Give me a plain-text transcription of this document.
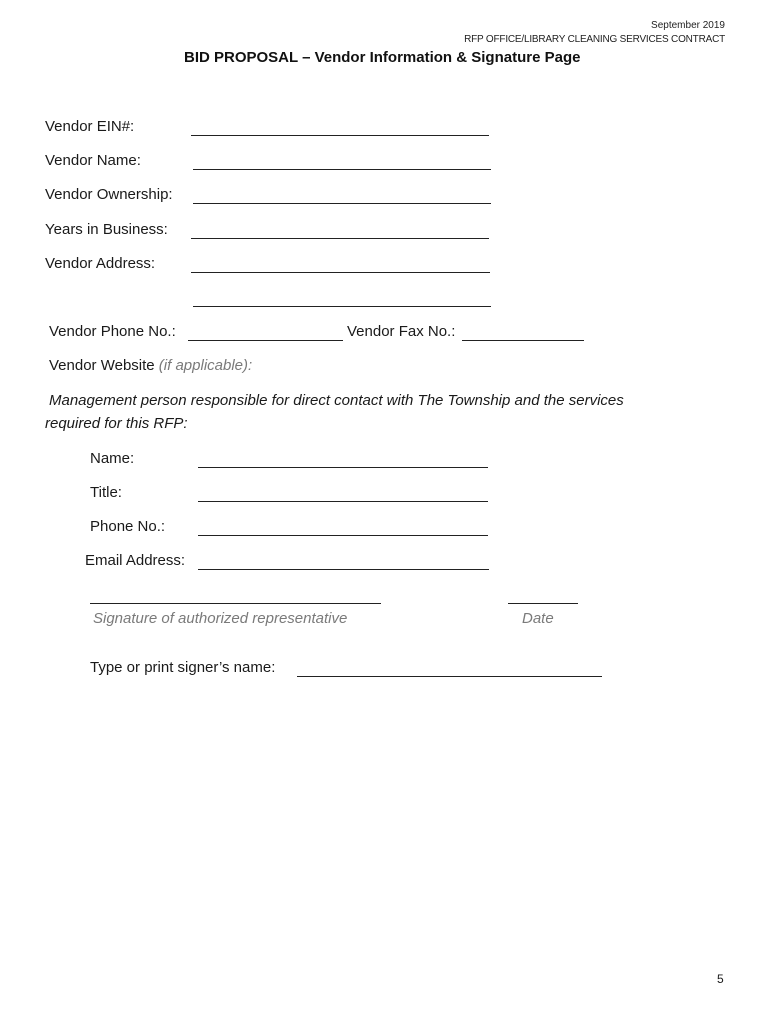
September 2019
RFP OFFICE/LIBRARY CLEANING SERVICES CONTRACT
BID PROPOSAL – Vendor Information & Signature Page
Vendor EIN#:
Vendor Name:
Vendor Ownership:
Years in Business:
Vendor Address:
Vendor Phone No.:	Vendor Fax No.:
Vendor Website (if applicable):
Management person responsible for direct contact with The Township and the services
required for this RFP:
Name:
Title:
Phone No.:
Email Address:
Signature of authorized representative	Date
Type or print signer’s name:
5
